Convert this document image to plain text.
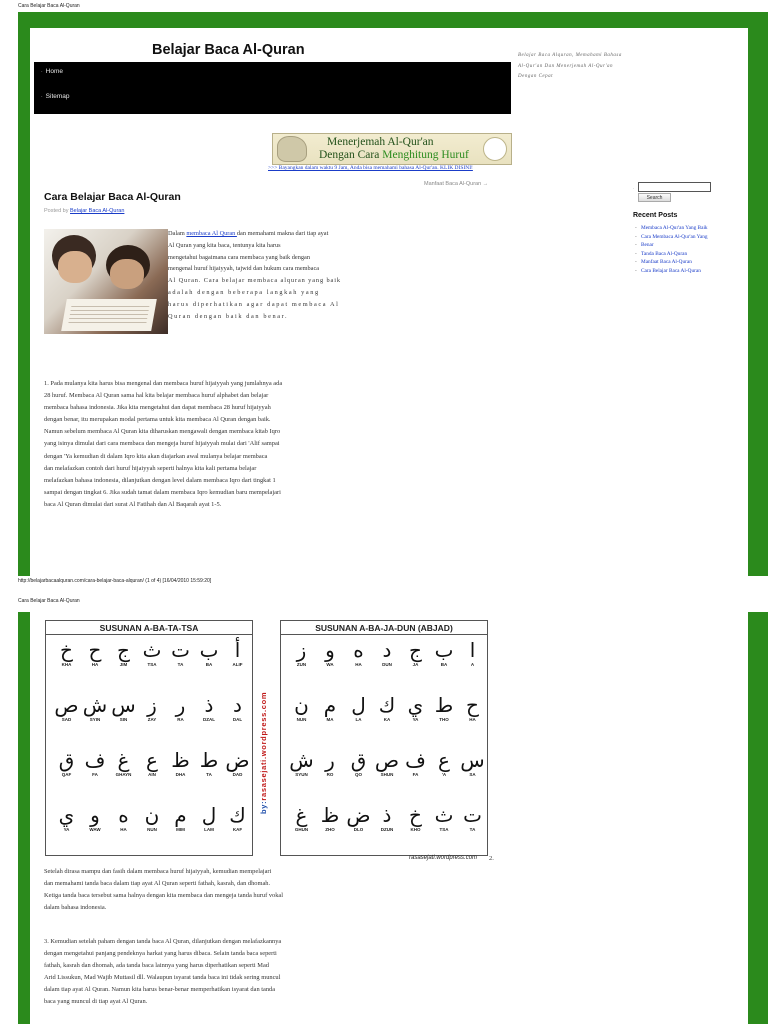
Cara Belajar Baca Al-Quran
Belajar Baca Al-Quran	Belajar Baca Alquran, Memahami Bahasa Al-Qur'an Dan Menerjemah Al-Qur'an Dengan Cepat
· Home
· Sitemap
Menerjemah Al-Qur'an
Dengan Cara Menghitung Huruf
>>> Bayangkan dalam waktu 9 Jam, Anda bisa memahami bahasa Al-Qur'an. KLIK DISINI!
Manfaat Baca Al-Quran →
Cara Belajar Baca Al-Quran
Posted by Belajar Baca Al-Quran

Dalam membaca Al Quran dan memahami makna dari tiap ayat

Al Quran yang kita baca, tentunya kita harus

mengetahui bagaimana cara membaca yang baik dengan

mengenal huruf hijaiyyah, tajwid dan hukum cara membaca

Al Quran. Cara belajar membaca alquran yang baik

adalah dengan beberapa langkah yang

harus diperhatikan agar dapat membaca Al

Quran dengan baik dan benar.

1. Pada mulanya kita harus bisa mengenal dan membaca huruf hijaiyyah yang jumlahnya ada

28 huruf. Membaca Al Quran sama hal kita belajar membaca huruf alphabet dan belajar

membaca bahasa indonesia. Jika kita mengetahui dan dapat membaca 28 huruf hijaiyyah

dengan benar, itu merupakan modal pertama untuk kita membaca Al Quran dengan baik.

Namun sebelum membaca Al Quran kita diharuskan mengawali dengan membaca kitab Iqro

yang isinya dimulai dari cara membaca dan mengeja huruf hijaiyyah mulai dari 'Alif sampai

dengan 'Ya kemudian di dalam Iqro kita akan diajarkan awal mulanya belajar membaca

dan melafazkan contoh dari huruf hijaiyyah seperti halnya kita kali pertama belajar

melafazkan bahasa indonesia, dilanjutkan dengan level dalam membaca Iqro dari tingkat 1

sampai dengan tingkat 6. Jika sudah tamat dalam membaca Iqro kemudian baru mempelajari

baca Al Quran dimulai dari surat Al Fatihah dan Al Baqarah ayat 1-5.

·
Search
Recent Posts
- Membaca Al-Qur'an Yang Baik
- Cara Membaca Al-Qur'an Yang
- Benar
- Tanda Baca Al-Quran
- Manfaat Baca Al-Quran
- Cara Belajar Baca Al-Quran
http://belajarbacaalquran.com/cara-belajar-baca-alquran/ (1 of 4) [16/04/2010 15:59:20]
Cara Belajar Baca Al-Quran
SUSUNAN A-BA-TA-TSA
أ
ALIF
ب
BA
ت
TA
ث
TSA
ج
JIM
ح
HA
خ
KHA
د
DAL
ذ
DZAL
ر
RA
ز
ZAY
س
SIN
ش
SYIN
ص
SAD
ض
DAD
ط
TA
ظ
DHA
ع
AIN
غ
GHAYN
ف
FA
ق
QAF
ك
KAF
ل
LAM
م
MIM
ن
NUN
ه
HA
و
WAW
ي
YA
by:rasasejati.wordpress.com
SUSUNAN A-BA-JA-DUN (ABJAD)
ا
A
ب
BA
ج
JA
د
DUN
ه
HA
و
WA
ز
ZUN
ح
HA
ط
THO
ي
YA
ك
KA
ل
LA
م
MA
ن
NUN
س
SA
ع
'A
ف
FA
ص
SHUN
ق
QO
ر
RO
ش
SYUN
ت
TA
ث
TSA
خ
KHO
ذ
DZUN
ض
DLO
ظ
ZHO
غ
GHUN
rasasejati.wordpress.com 2.

Setelah dirasa mampu dan fasih dalam membaca huruf hijaiyyah, kemudian mempelajari

dan memahami tanda baca dalam tiap ayat Al Quran seperti fathah, kasrah, dan dhomah.

Ketiga tanda baca tersebut sama halnya dengan kita membaca dan mengeja tanda huruf vokal

dalam bahasa indonesia.

3. Kemudian setelah paham dengan tanda baca Al Quran, dilanjutkan dengan melafazkannya

dengan mengetahui panjang pendeknya harkat yang harus dibaca. Selain tanda baca seperti

fathah, kasrah dan dhomah, ada tanda baca lainnya yang harus diperhatikan seperti Mad

Arid Lissukun, Mad Wajib Muttasil dll. Walaupun isyarat tanda baca ini tidak sering muncul

dalam tiap ayat Al Quran. Namun kita harus benar-benar memperhatikan isyarat dan tanda

baca yang muncul di tiap ayat Al Quran.
